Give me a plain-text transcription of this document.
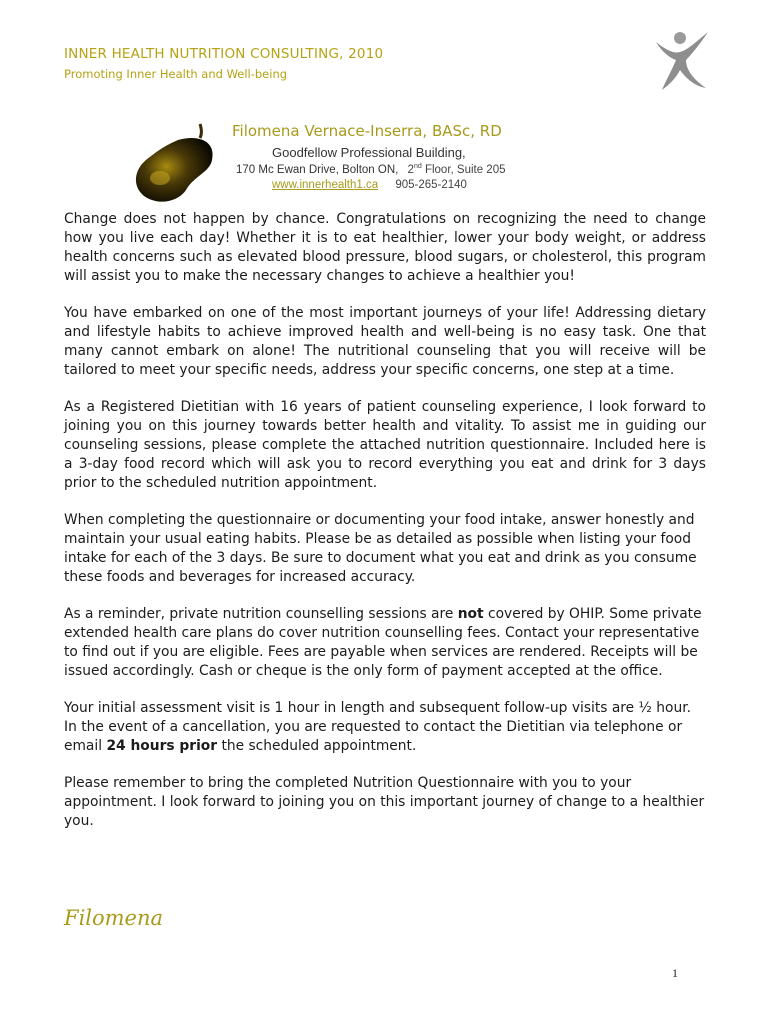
INNER HEALTH NUTRITION CONSULTING, 2010
Promoting Inner Health and Well-being
Filomena Vernace-Inserra, BASc, RD
Goodfellow Professional Building,
170 Mc Ewan Drive, Bolton ON, 2nd Floor, Suite 205
www.innerhealth1.ca 905-265-2140

Change does not happen by chance. Congratulations on recognizing the need to change how you live each day! Whether it is to eat healthier, lower your body weight, or address health concerns such as elevated blood pressure, blood sugars, or cholesterol, this program will assist you to make the necessary changes to achieve a healthier you!

You have embarked on one of the most important journeys of your life! Addressing dietary and lifestyle habits to achieve improved health and well-being is no easy task. One that many cannot embark on alone! The nutritional counseling that you will receive will be tailored to meet your specific needs, address your specific concerns, one step at a time.

As a Registered Dietitian with 16 years of patient counseling experience, I look forward to joining you on this journey towards better health and vitality. To assist me in guiding our counseling sessions, please complete the attached nutrition questionnaire. Included here is a 3-day food record which will ask you to record everything you eat and drink for 3 days prior to the scheduled nutrition appointment.

When completing the questionnaire or documenting your food intake, answer honestly and maintain your usual eating habits. Please be as detailed as possible when listing your food intake for each of the 3 days. Be sure to document what you eat and drink as you consume these foods and beverages for increased accuracy.

As a reminder, private nutrition counselling sessions are not covered by OHIP. Some private extended health care plans do cover nutrition counselling fees. Contact your representative to find out if you are eligible. Fees are payable when services are rendered. Receipts will be issued accordingly. Cash or cheque is the only form of payment accepted at the office.

Your initial assessment visit is 1 hour in length and subsequent follow-up visits are ½ hour. In the event of a cancellation, you are requested to contact the Dietitian via telephone or email 24 hours prior the scheduled appointment.

Please remember to bring the completed Nutrition Questionnaire with you to your appointment. I look forward to joining you on this important journey of change to a healthier you.

Filomena
1
